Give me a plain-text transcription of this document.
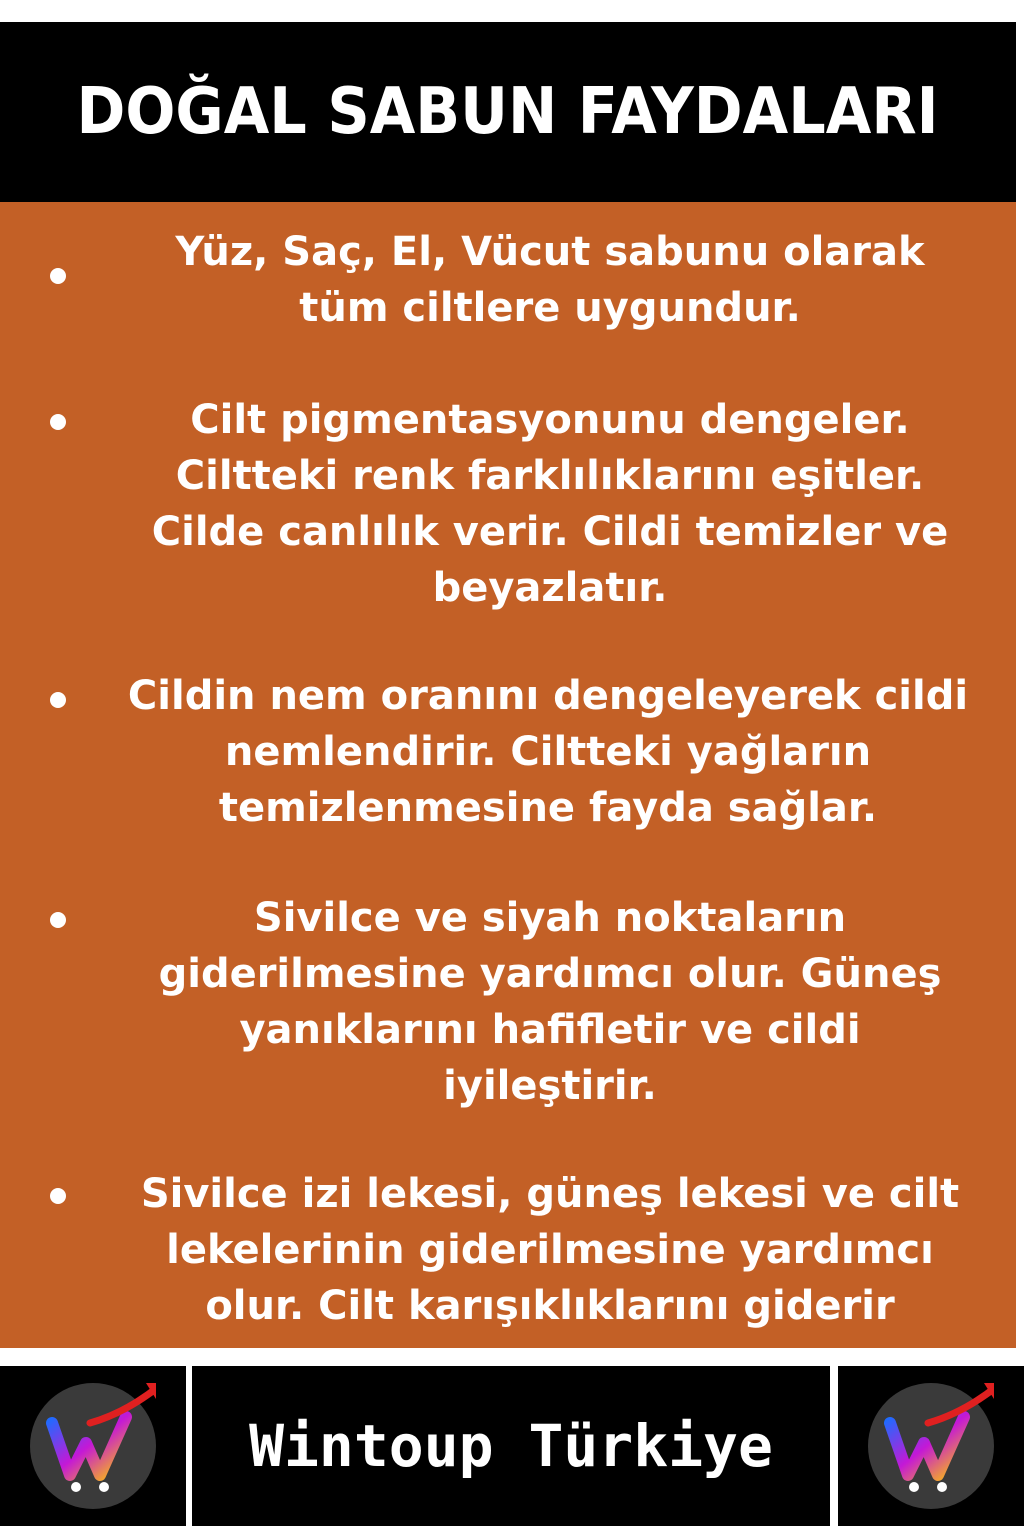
DOĞAL SABUN FAYDALARI
Yüz, Saç, El, Vücut sabunu olarak
tüm ciltlere uygundur.
Cilt pigmentasyonunu dengeler.
Ciltteki renk farklılıklarını eşitler.
Cilde canlılık verir. Cildi temizler ve
beyazlatır.
Cildin nem oranını dengeleyerek cildi
nemlendirir. Ciltteki yağların
temizlenmesine fayda sağlar.
Sivilce ve siyah noktaların
giderilmesine yardımcı olur. Güneş
yanıklarını hafifletir ve cildi
iyileştirir.
Sivilce izi lekesi, güneş lekesi ve cilt
lekelerinin giderilmesine yardımcı
olur. Cilt karışıklıklarını giderir
Wintoup Türkiye
